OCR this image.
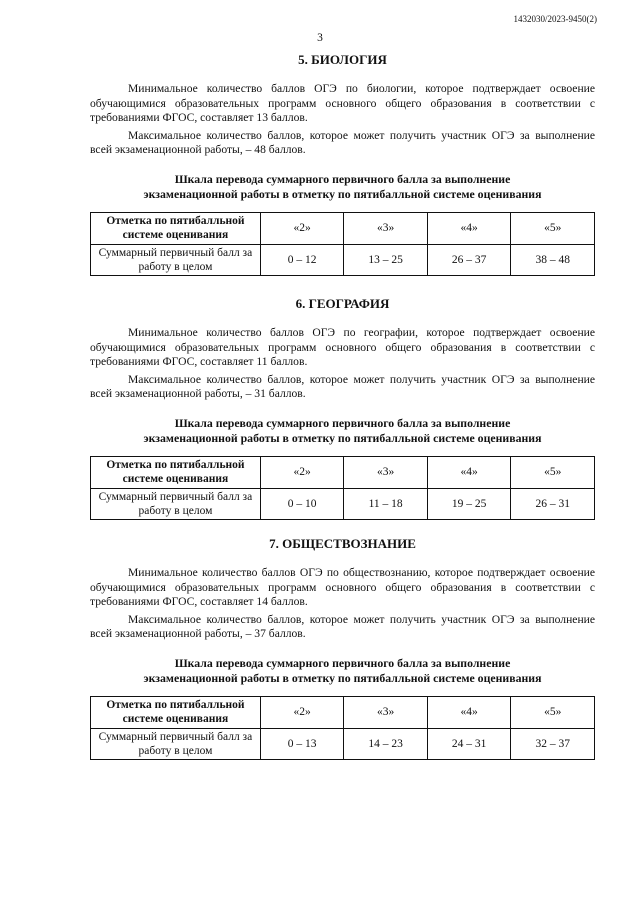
1432030/2023-9450(2)
3

5. БИОЛОГИЯ

Минимальное количество баллов ОГЭ по биологии, которое подтверждает освоение обучающимися образовательных программ основного общего образования в соответствии с требованиями ФГОС, составляет 13 баллов.

Максимальное количество баллов, которое может получить участник ОГЭ за выполнение всей экзаменационной работы, – 48 баллов.

Шкала перевода суммарного первичного балла за выполнение

экзаменационной работы в отметку по пятибалльной системе оценивания

Отметка по пятибалльной системе оценивания	«2»	«3»	«4»	«5»
Суммарный первичный балл за работу в целом	0 – 12	13 – 25	26 – 37	38 – 48

6. ГЕОГРАФИЯ

Минимальное количество баллов ОГЭ по географии, которое подтверждает освоение обучающимися образовательных программ основного общего образования в соответствии с требованиями ФГОС, составляет 11 баллов.

Максимальное количество баллов, которое может получить участник ОГЭ за выполнение всей экзаменационной работы, – 31 баллов.

Шкала перевода суммарного первичного балла за выполнение

экзаменационной работы в отметку по пятибалльной системе оценивания

Отметка по пятибалльной системе оценивания	«2»	«3»	«4»	«5»
Суммарный первичный балл за работу в целом	0 – 10	11 – 18	19 – 25	26 – 31

7. ОБЩЕСТВОЗНАНИЕ

Минимальное количество баллов ОГЭ по обществознанию, которое подтверждает освоение обучающимися образовательных программ основного общего образования в соответствии с требованиями ФГОС, составляет 14 баллов.

Максимальное количество баллов, которое может получить участник ОГЭ за выполнение всей экзаменационной работы, – 37 баллов.

Шкала перевода суммарного первичного балла за выполнение

экзаменационной работы в отметку по пятибалльной системе оценивания

Отметка по пятибалльной системе оценивания	«2»	«3»	«4»	«5»
Суммарный первичный балл за работу в целом	0 – 13	14 – 23	24 – 31	32 – 37
